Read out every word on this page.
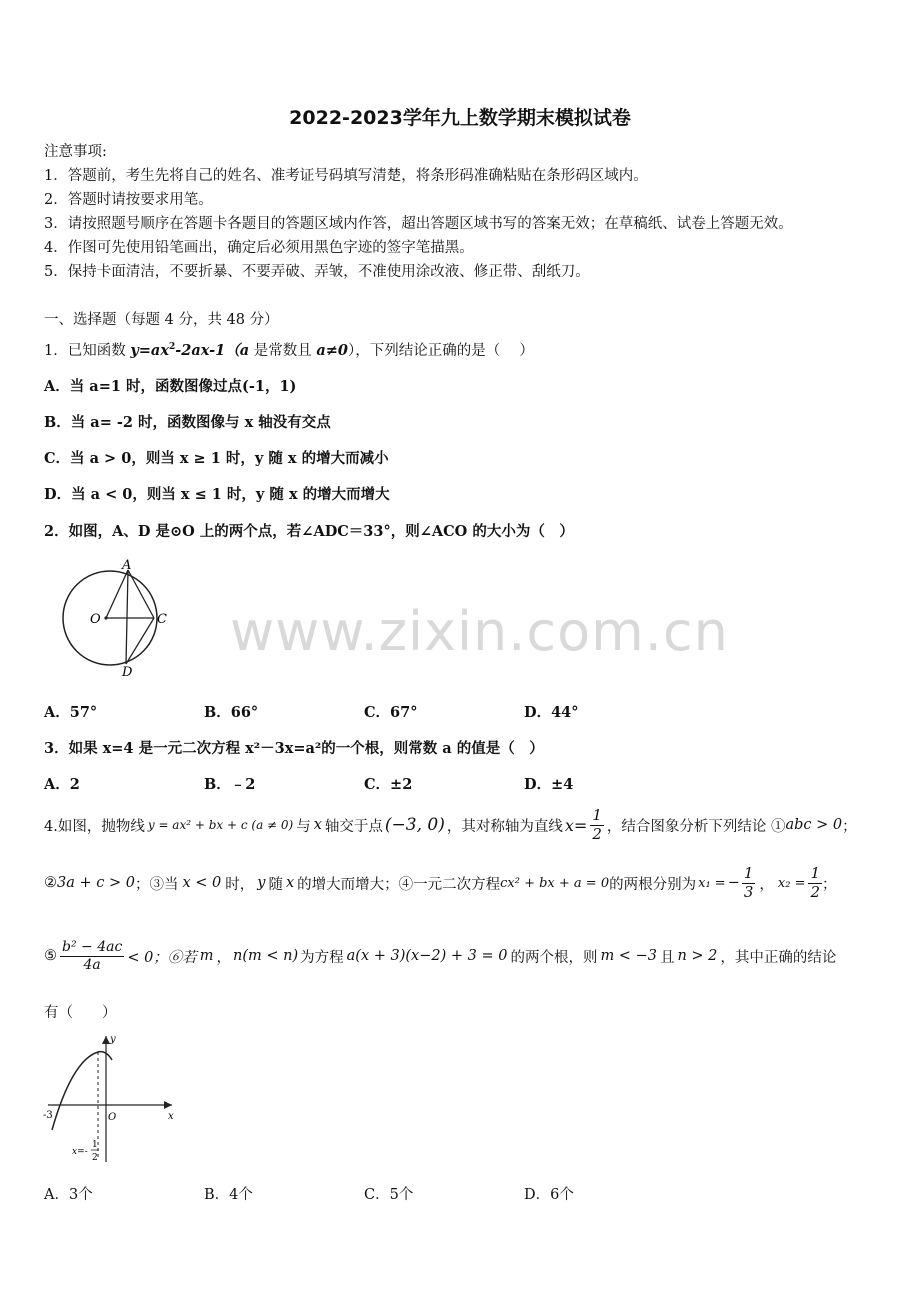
2022-2023学年九上数学期末模拟试卷
注意事项:
1．答题前，考生先将自己的姓名、准考证号码填写清楚，将条形码准确粘贴在条形码区域内。
2．答题时请按要求用笔。
3．请按照题号顺序在答题卡各题目的答题区域内作答，超出答题区域书写的答案无效；在草稿纸、试卷上答题无效。
4．作图可先使用铅笔画出，确定后必须用黑色字迹的签字笔描黑。
5．保持卡面清洁，不要折暴、不要弄破、弄皱，不准使用涂改液、修正带、刮纸刀。
一、选择题（每题 4 分，共 48 分）
1．已知函数 $y=ax^2-2ax-1(a$ 是常数且 a≠0），下列结论正确的是（　 ）
A．当 a=1 时，函数图像过点(-1，1)
B．当 a= -2 时，函数图像与 x 轴没有交点
C．当 a > 0，则当 x ≥ 1 时，y 随 x 的增大而减小
D．当 a < 0，则当 x ≤ 1 时，y 随 x 的增大而增大
2．如图，A、D 是⊙O 上的两个点，若∠ADC＝33°，则∠ACO 的大小为（　）
A
O	C
D
www.zixin.com.cn
A．57°	B．66°	C．67°	D．44°
3．如果 x=4 是一元二次方程 x²－3x=a²的一个根，则常数 a 的值是（　）
A．2	B．﹣2	C．±2	D．±4
4.如图，抛物线 y = ax² + bx + c (a ≠ 0) 与 x 轴交于点 (−3, 0) ，其对称轴为直线 $x= \frac{1}{2}$ ，结合图象分析下列结论 ① abc > 0 ；
② 3a + c > 0 ；③当 x < 0 时， y 随 x 的增大而增大；④一元二次方程 cx² + bx + a = 0 的两根分别为 x₁ = − $\frac{1}{3}$ ， $x_2 = \frac{1}{2}$ ；
⑤ $\frac{\text{b² − 4ac}}{4a} < 0$；⑥若 m ， n(m < n) 为方程 a(x + 3)(x−2) + 3 = 0 的两个根，则 m < −3 且 n > 2 ，其中正确的结论
有（　　）
y
x
-3	O
x=-
1
2
A．3个	B．4个	C．5个	D．6个
